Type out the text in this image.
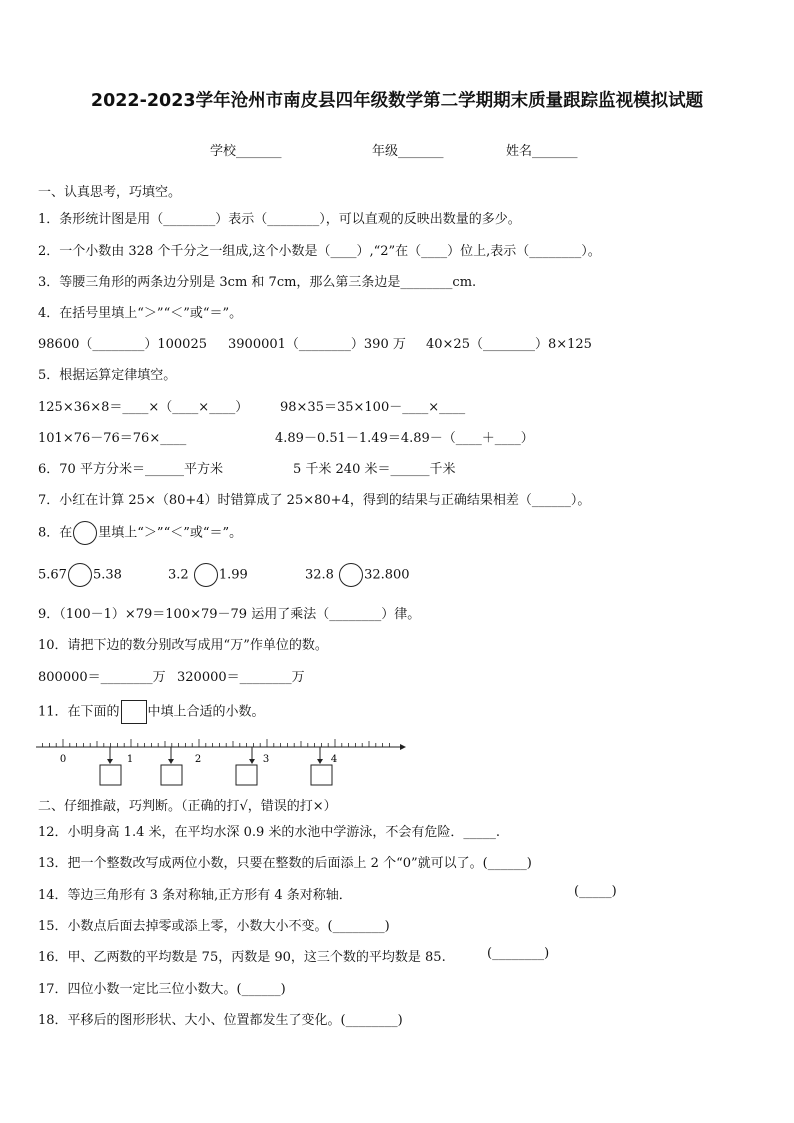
2022-2023学年沧州市南皮县四年级数学第二学期期末质量跟踪监视模拟试题
学校_______	年级_______	姓名_______
一、认真思考，巧填空。
1．条形统计图是用（________）表示（________），可以直观的反映出数量的多少。
2．一个小数由 328 个千分之一组成,这个小数是（____）,“2”在（____）位上,表示（________）。
3．等腰三角形的两条边分别是 3cm 和 7cm，那么第三条边是________cm.
4．在括号里填上“＞”“＜”或“＝”。
98600（________）100025 3900001（________）390 万 40×25（________）8×125
5．根据运算定律填空。
125×36×8＝____×（____×____） 98×35＝35×100－____×____
101×76－76＝76×____	4.89－0.51－1.49＝4.89－（____＋____）
6．70 平方分米＝______平方米	5 千米 240 米＝______千米
7．小红在计算 25×（80+4）时错算成了 25×80+4，得到的结果与正确结果相差（______）。
8．在 里填上“＞”“＜”或“＝”。
5.67 5.38	3.2 1.99	32.8 32.800
9．（100－1）×79＝100×79－79 运用了乘法（________）律。
10．请把下边的数分别改写成用“万”作单位的数。
800000＝________万 320000＝________万
11．在下面的 中填上合适的小数。
0	1	2	3	4
二、仔细推敲，巧判断。（正确的打√，错误的打×）
12．小明身高 1.4 米，在平均水深 0.9 米的水池中学游泳，不会有危险．_____.
13．把一个整数改写成两位小数，只要在整数的后面添上 2 个“0”就可以了。(______)
14．等边三角形有 3 条对称轴,正方形有 4 条对称轴．	(_____)
15．小数点后面去掉零或添上零，小数大小不变。(________)
16．甲、乙两数的平均数是 75，丙数是 90，这三个数的平均数是 85.	(________)
17．四位小数一定比三位小数大。(______)
18．平移后的图形形状、大小、位置都发生了变化。(________)
